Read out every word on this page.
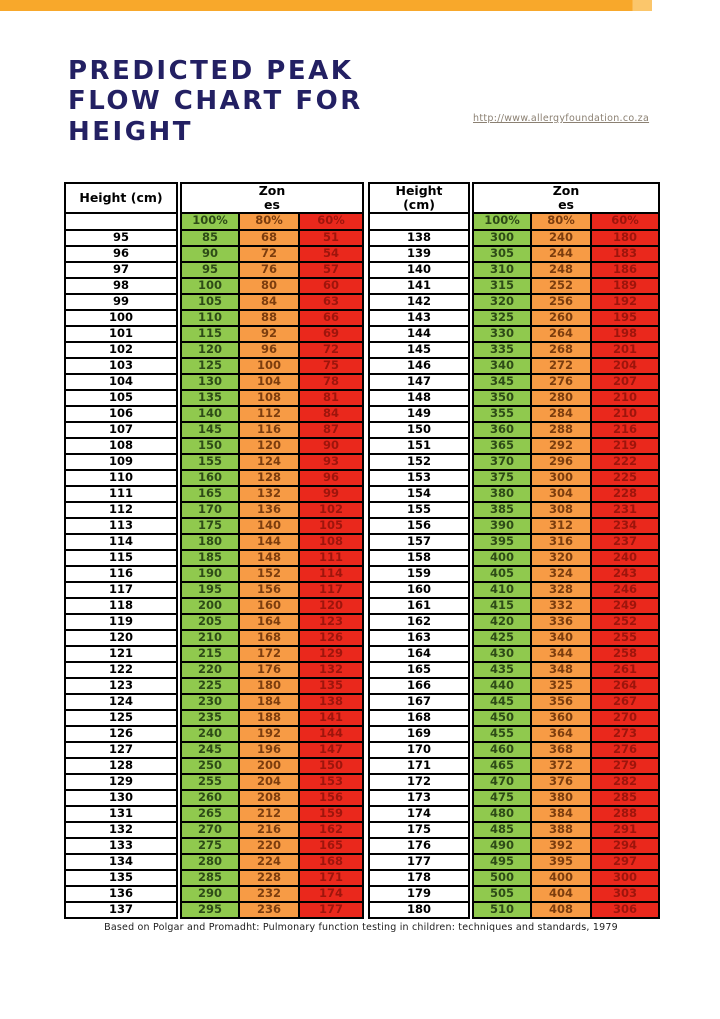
PREDICTED PEAK
FLOW CHART FOR
HEIGHT	http://www.allergyfoundation.co.za
Height (cm)		Zon
es

Height
(cm)

Zon
es

		100%	80%	60%				100%	80%	60%
95		85	68	51		138		300	240	180
96		90	72	54		139		305	244	183
97		95	76	57		140		310	248	186
98		100	80	60		141		315	252	189
99		105	84	63		142		320	256	192
100		110	88	66		143		325	260	195
101		115	92	69		144		330	264	198
102		120	96	72		145		335	268	201
103		125	100	75		146		340	272	204
104		130	104	78		147		345	276	207
105		135	108	81		148		350	280	210
106		140	112	84		149		355	284	210
107		145	116	87		150		360	288	216
108		150	120	90		151		365	292	219
109		155	124	93		152		370	296	222
110		160	128	96		153		375	300	225
111		165	132	99		154		380	304	228
112		170	136	102		155		385	308	231
113		175	140	105		156		390	312	234
114		180	144	108		157		395	316	237
115		185	148	111		158		400	320	240
116		190	152	114		159		405	324	243
117		195	156	117		160		410	328	246
118		200	160	120		161		415	332	249
119		205	164	123		162		420	336	252
120		210	168	126		163		425	340	255
121		215	172	129		164		430	344	258
122		220	176	132		165		435	348	261
123		225	180	135		166		440	325	264
124		230	184	138		167		445	356	267
125		235	188	141		168		450	360	270
126		240	192	144		169		455	364	273
127		245	196	147		170		460	368	276
128		250	200	150		171		465	372	279
129		255	204	153		172		470	376	282
130		260	208	156		173		475	380	285
131		265	212	159		174		480	384	288
132		270	216	162		175		485	388	291
133		275	220	165		176		490	392	294
134		280	224	168		177		495	395	297
135		285	228	171		178		500	400	300
136		290	232	174		179		505	404	303
137		295	236	177		180		510	408	306
Based on Polgar and Promadht: Pulmonary function testing in children: techniques and standards, 1979
